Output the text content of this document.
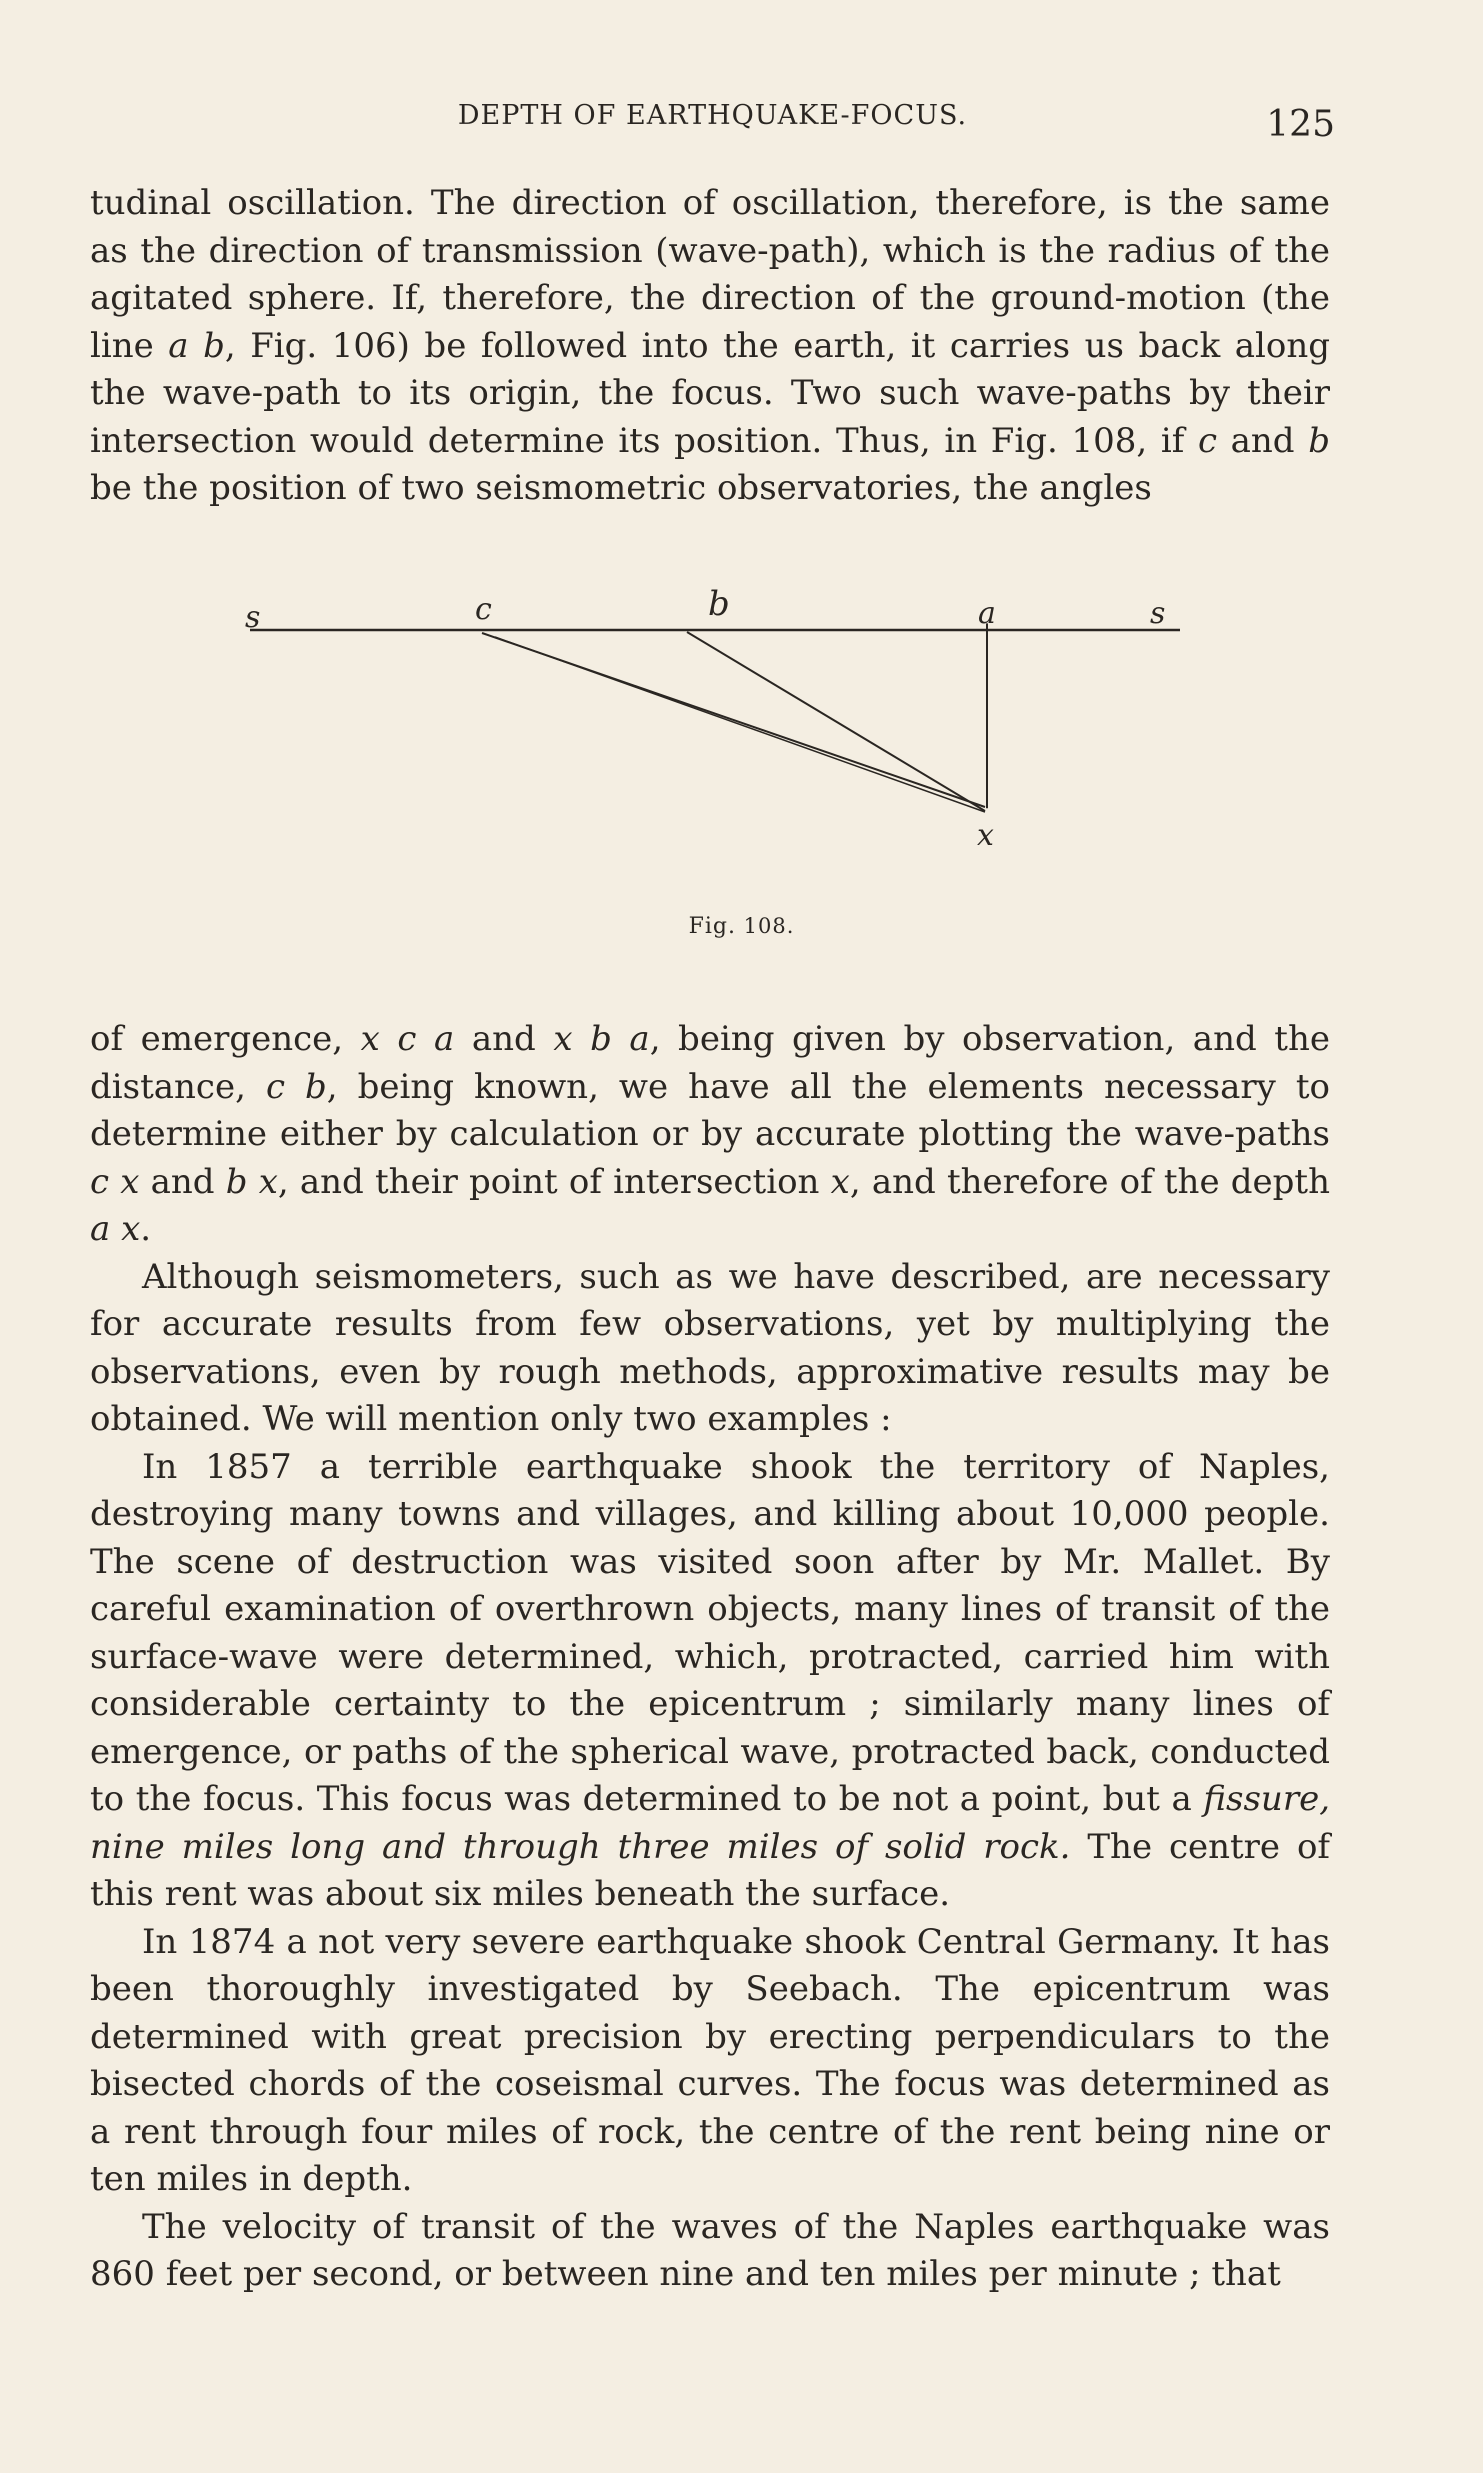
DEPTH OF EARTHQUAKE-FOCUS.	125

tudinal oscillation. The direction of oscillation, therefore, is the same as the direction of transmission (wave-path), which is the radius of the agitated sphere. If, therefore, the direction of the ground-motion (the line a b, Fig. 106) be followed into the earth, it carries us back along the wave-path to its origin, the focus. Two such wave-paths by their intersection would determine its position. Thus, in Fig. 108, if c and b be the position of two seismometric observatories, the angles

s	c	b	a	s
x
Fig. 108.

of emergence, x c a and x b a, being given by observation, and the distance, c b, being known, we have all the elements necessary to determine either by calculation or by accurate plotting the wave-paths c x and b x, and their point of intersection x, and therefore of the depth a x.

Although seismometers, such as we have described, are necessary for accurate results from few observations, yet by multiplying the observations, even by rough methods, approximative results may be obtained. We will mention only two examples :

In 1857 a terrible earthquake shook the territory of Naples, destroying many towns and villages, and killing about 10,000 people. The scene of destruction was visited soon after by Mr. Mallet. By careful examination of overthrown objects, many lines of transit of the surface-wave were determined, which, protracted, carried him with considerable certainty to the epicentrum ; similarly many lines of emergence, or paths of the spherical wave, protracted back, conducted to the focus. This focus was determined to be not a point, but a fissure, nine miles long and through three miles of solid rock. The centre of this rent was about six miles beneath the surface.

In 1874 a not very severe earthquake shook Central Germany. It has been thoroughly investigated by Seebach. The epicentrum was determined with great precision by erecting perpendiculars to the bisected chords of the coseismal curves. The focus was determined as a rent through four miles of rock, the centre of the rent being nine or ten miles in depth.

The velocity of transit of the waves of the Naples earthquake was 860 feet per second, or between nine and ten miles per minute ; that
